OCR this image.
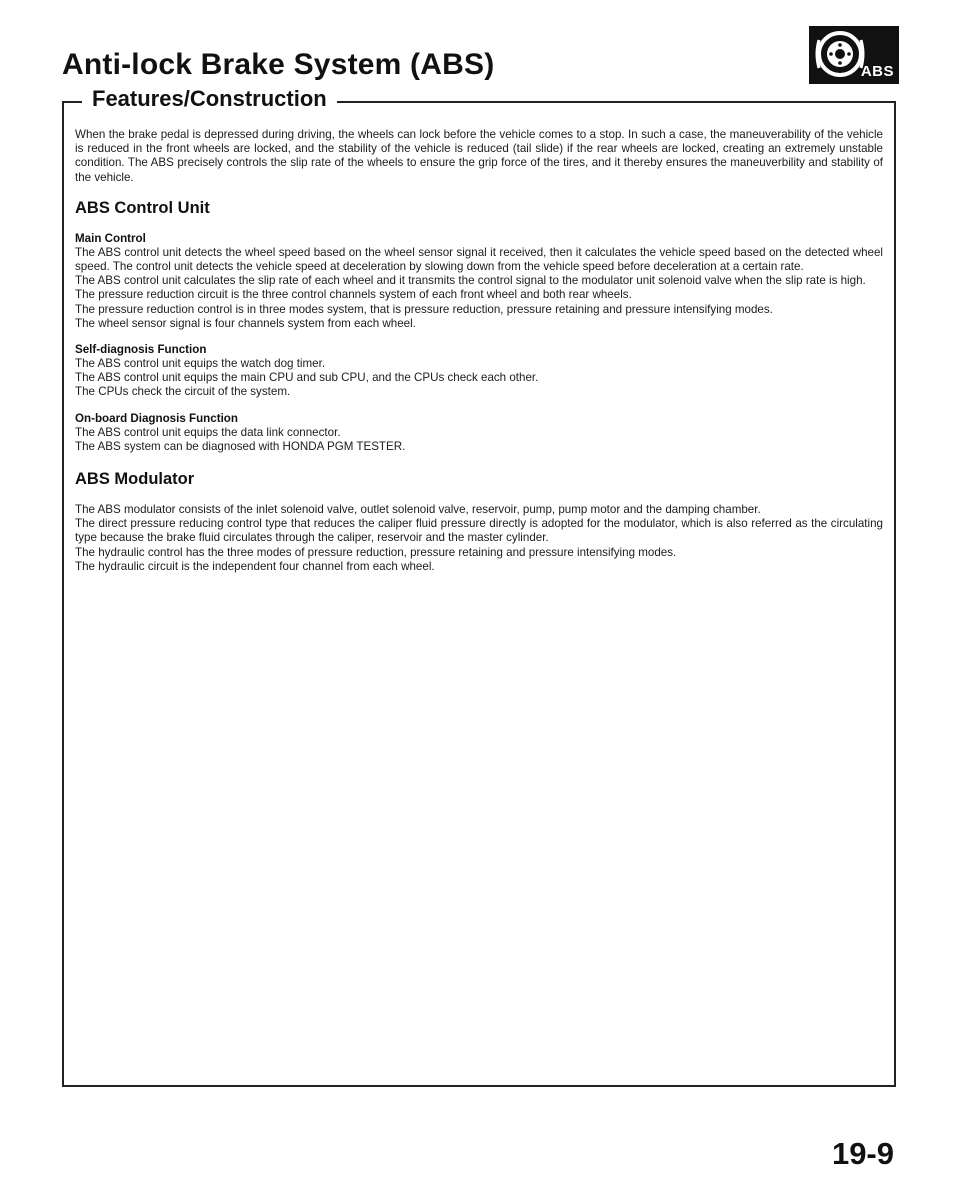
Anti-lock Brake System (ABS)	ABS
Features/Construction

When the brake pedal is depressed during driving, the wheels can lock before the vehicle comes to a stop. In such a case, the maneuverability of the vehicle is reduced in the front wheels are locked, and the stability of the vehicle is reduced (tail slide) if the rear wheels are locked, creating an extremely unstable condition. The ABS precisely controls the slip rate of the wheels to ensure the grip force of the tires, and it thereby ensures the maneuverbility and stability of the vehicle.

ABS Control Unit
Main Control

The ABS control unit detects the wheel speed based on the wheel sensor signal it received, then it calculates the vehicle speed based on the detected wheel speed. The control unit detects the vehicle speed at deceleration by slowing down from the vehicle speed before deceleration at a certain rate.

The ABS control unit calculates the slip rate of each wheel and it transmits the control signal to the modulator unit solenoid valve when the slip rate is high.

The pressure reduction circuit is the three control channels system of each front wheel and both rear wheels.

The pressure reduction control is in three modes system, that is pressure reduction, pressure retaining and pressure intensifying modes.

The wheel sensor signal is four channels system from each wheel.

Self-diagnosis Function

The ABS control unit equips the watch dog timer.

The ABS control unit equips the main CPU and sub CPU, and the CPUs check each other.

The CPUs check the circuit of the system.

On-board Diagnosis Function

The ABS control unit equips the data link connector.

The ABS system can be diagnosed with HONDA PGM TESTER.

ABS Modulator

The ABS modulator consists of the inlet solenoid valve, outlet solenoid valve, reservoir, pump, pump motor and the damping chamber.

The direct pressure reducing control type that reduces the caliper fluid pressure directly is adopted for the modulator, which is also referred as the circulating type because the brake fluid circulates through the caliper, reservoir and the master cylinder.

The hydraulic control has the three modes of pressure reduction, pressure retaining and pressure intensifying modes.

The hydraulic circuit is the independent four channel from each wheel.

19-9
